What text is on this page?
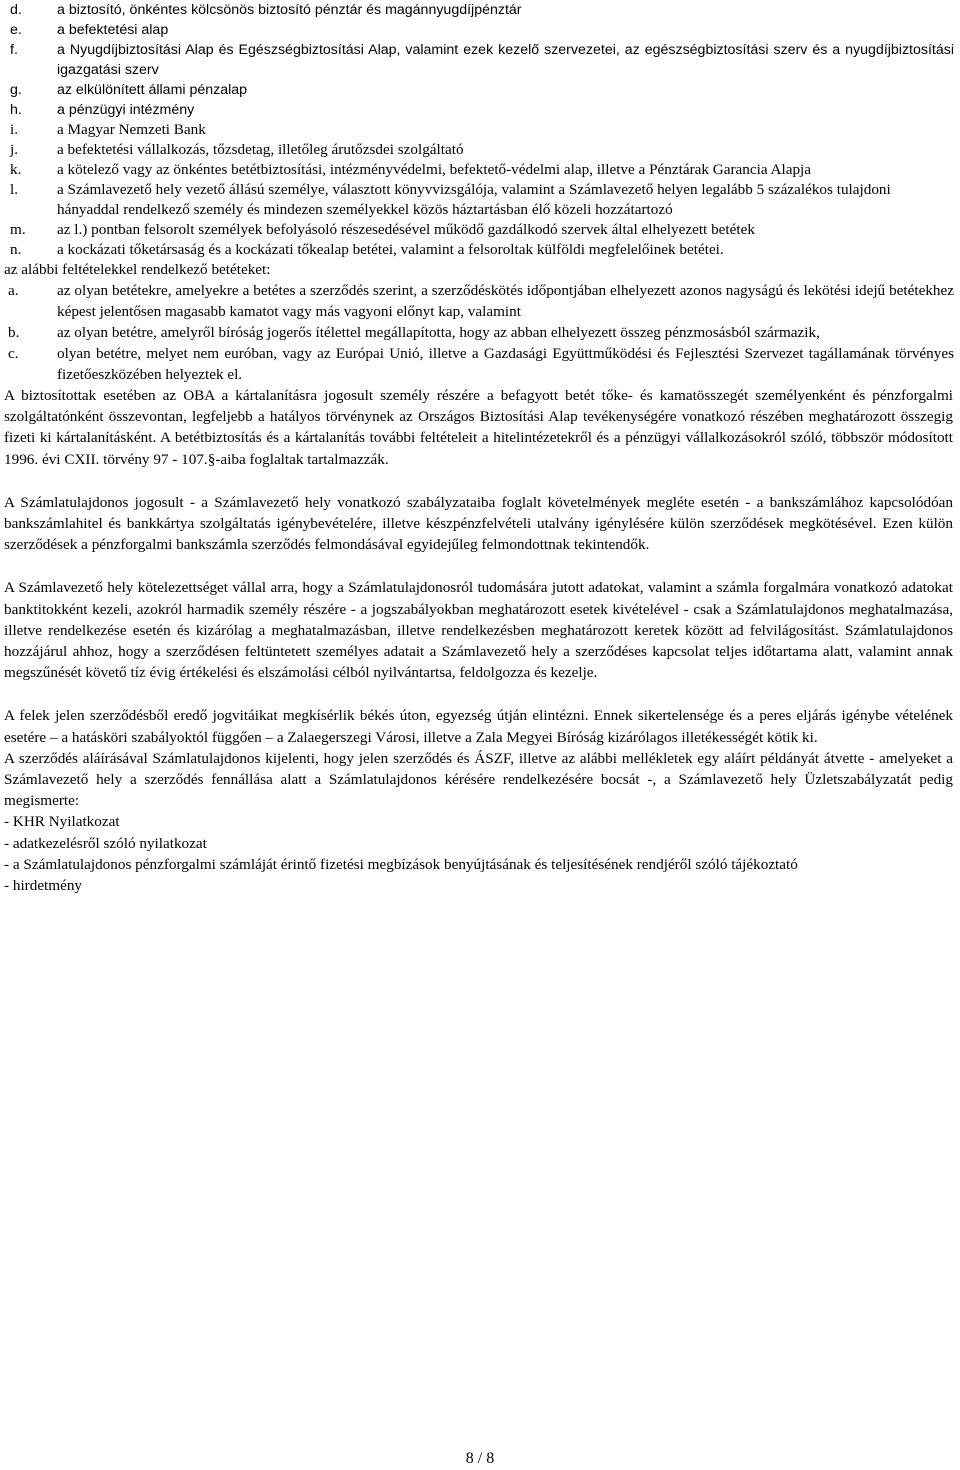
d. a biztosító, önkéntes kölcsönös biztosító pénztár és magánnyugdíjpénztár
e. a befektetési alap
f.	a Nyugdíjbiztosítási Alap és Egészségbiztosítási Alap, valamint ezek kezelő szervezetei, az egészségbiztosítási szerv és a nyugdíjbiztosítási igazgatási szerv
g. az elkülönített állami pénzalap
h. a pénzügyi intézmény
i.	a Magyar Nemzeti Bank
j.	a befektetési vállalkozás, tőzsdetag, illetőleg árutőzsdei szolgáltató
k. a kötelező vagy az önkéntes betétbiztosítási, intézményvédelmi, befektető-védelmi alap, illetve a Pénztárak Garancia Alapja
l.	a Számlavezető hely vezető állású személye, választott könyvvizsgálója, valamint a Számlavezető helyen legalább 5 százalékos tulajdoni hányaddal rendelkező személy és mindezen személyekkel közös háztartásban élő közeli hozzátartozó
m. az l.) pontban felsorolt személyek befolyásoló részesedésével működő gazdálkodó szervek által elhelyezett betétek
n. a kockázati tőketársaság és a kockázati tőkealap betétei, valamint a felsoroltak külföldi megfelelőinek betétei.
az alábbi feltételekkel rendelkező betéteket:
a.	az olyan betétekre, amelyekre a betétes a szerződés szerint, a szerződéskötés időpontjában elhelyezett azonos nagyságú és lekötési idejű betétekhez képest jelentősen magasabb kamatot vagy más vagyoni előnyt kap, valamint
b. az olyan betétre, amelyről bíróság jogerős ítélettel megállapította, hogy az abban elhelyezett összeg pénzmosásból származik,
c.	olyan betétre, melyet nem euróban, vagy az Európai Unió, illetve a Gazdasági Együttműködési és Fejlesztési Szervezet tagállamának törvényes fizetőeszközében helyeztek el.
A biztosítottak esetében az OBA a kártalanításra jogosult személy részére a befagyott betét tőke- és kamatösszegét személyenként és pénzforgalmi szolgáltatónként összevontan, legfeljebb a hatályos törvénynek az Országos Biztosítási Alap tevékenységére vonatkozó részében meghatározott összegig fizeti ki kártalanításként. A betétbiztosítás és a kártalanítás további feltételeit a hitelintézetekről és a pénzügyi vállalkozásokról szóló, többször módosított 1996. évi CXII. törvény 97 - 107.§-aiba foglaltak tartalmazzák.
A Számlatulajdonos jogosult - a Számlavezető hely vonatkozó szabályzataiba foglalt követelmények megléte esetén - a bankszámlához kapcsolódóan bankszámlahitel és bankkártya szolgáltatás igénybevételére, illetve készpénzfelvételi utalvány igénylésére külön szerződések megkötésével. Ezen külön szerződések a pénzforgalmi bankszámla szerződés felmondásával egyidejűleg felmondottnak tekintendők.
A Számlavezető hely kötelezettséget vállal arra, hogy a Számlatulajdonosról tudomására jutott adatokat, valamint a számla forgalmára vonatkozó adatokat banktitokként kezeli, azokról harmadik személy részére - a jogszabályokban meghatározott esetek kivételével - csak a Számlatulajdonos meghatalmazása, illetve rendelkezése esetén és kizárólag a meghatalmazásban, illetve rendelkezésben meghatározott keretek között ad felvilágosítást. Számlatulajdonos hozzájárul ahhoz, hogy a szerződésen feltüntetett személyes adatait a Számlavezető hely a szerződéses kapcsolat teljes időtartama alatt, valamint annak megszűnését követő tíz évig értékelési és elszámolási célból nyilvántartsa, feldolgozza és kezelje.
A felek jelen szerződésből eredő jogvitáikat megkísérlik békés úton, egyezség útján elintézni. Ennek sikertelensége és a peres eljárás igénybe vételének esetére – a hatásköri szabályoktól függően – a Zalaegerszegi Városi, illetve a Zala Megyei Bíróság kizárólagos illetékességét kötik ki.
A szerződés aláírásával Számlatulajdonos kijelenti, hogy jelen szerződés és ÁSZF, illetve az alábbi mellékletek egy aláírt példányát átvette - amelyeket a Számlavezető hely a szerződés fennállása alatt a Számlatulajdonos kérésére rendelkezésére bocsát -, a Számlavezető hely Üzletszabályzatát pedig megismerte:
- KHR Nyilatkozat
- adatkezelésről szóló nyilatkozat
- a Számlatulajdonos pénzforgalmi számláját érintő fizetési megbízások benyújtásának és teljesítésének rendjéről szóló tájékoztató
- hirdetmény
8 / 8
